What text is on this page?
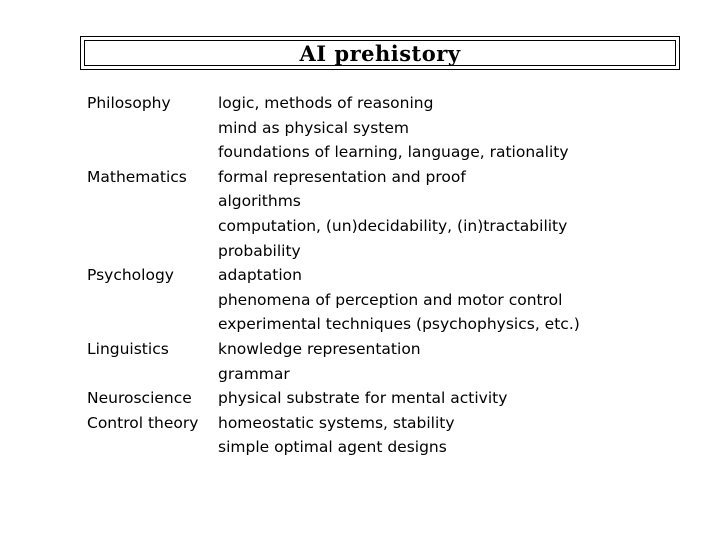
AI prehistory
Philosophy	logic, methods of reasoning
mind as physical system
foundations of learning, language, rationality
Mathematics	formal representation and proof
algorithms
computation, (un)decidability, (in)tractability
probability
Psychology	adaptation
phenomena of perception and motor control
experimental techniques (psychophysics, etc.)
Linguistics	knowledge representation
grammar
Neuroscience	physical substrate for mental activity
Control theory	homeostatic systems, stability
simple optimal agent designs
